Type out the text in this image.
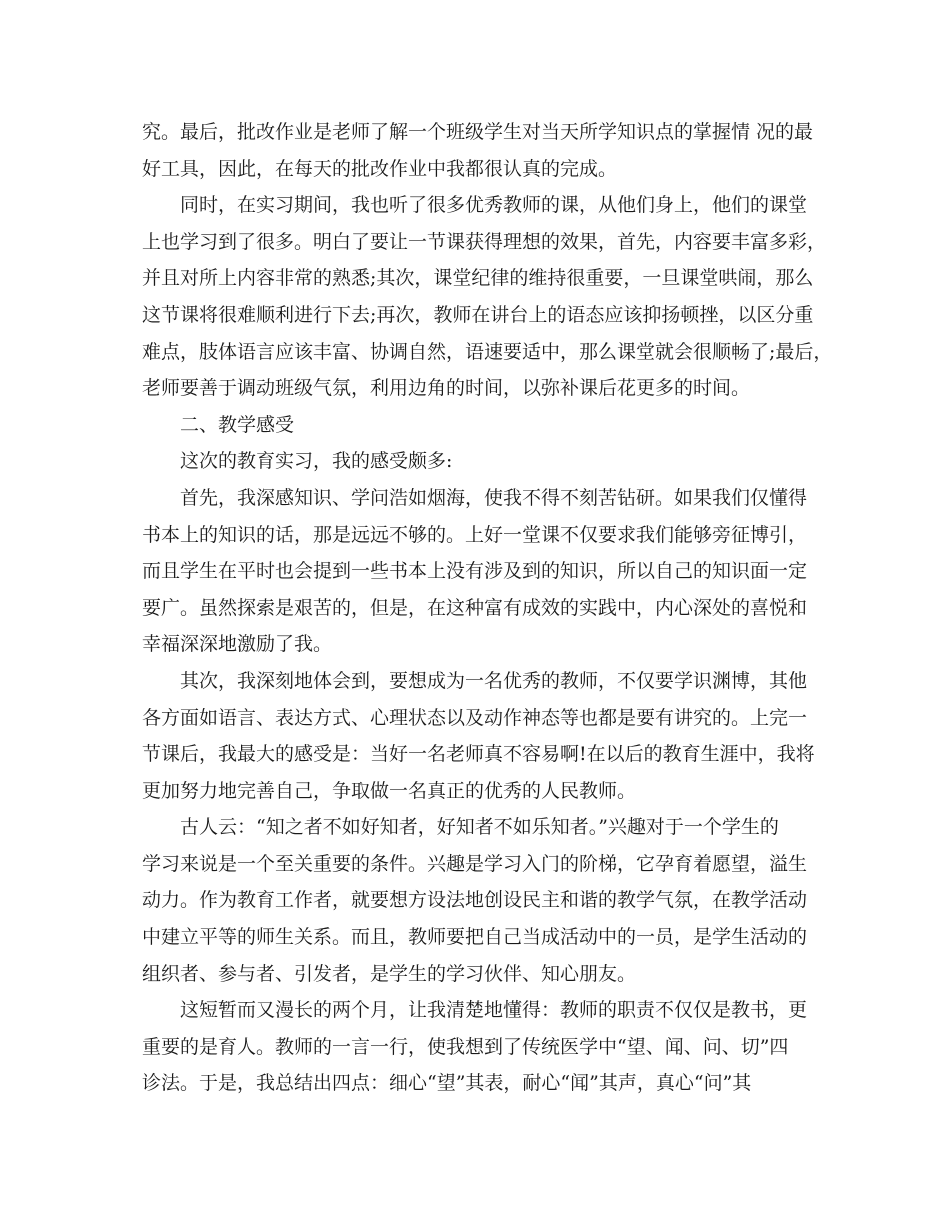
究。最后，批改作业是老师了解一个班级学生对当天所学知识点的掌握情 况的最
好工具，因此，在每天的批改作业中我都很认真的完成。
同时，在实习期间，我也听了很多优秀教师的课，从他们身上，他们的课堂
上也学习到了很多。明白了要让一节课获得理想的效果，首先，内容要丰富多彩，
并且对所上内容非常的熟悉;其次，课堂纪律的维持很重要，一旦课堂哄闹，那么
这节课将很难顺利进行下去;再次，教师在讲台上的语态应该抑扬顿挫，以区分重
难点，肢体语言应该丰富、协调自然，语速要适中，那么课堂就会很顺畅了;最后，
老师要善于调动班级气氛，利用边角的时间，以弥补课后花更多的时间。
二、教学感受
这次的教育实习，我的感受颇多:
首先，我深感知识、学问浩如烟海，使我不得不刻苦钻研。如果我们仅懂得
书本上的知识的话，那是远远不够的。上好一堂课不仅要求我们能够旁征博引，
而且学生在平时也会提到一些书本上没有涉及到的知识，所以自己的知识面一定
要广。虽然探索是艰苦的，但是，在这种富有成效的实践中，内心深处的喜悦和
幸福深深地激励了我。
其次，我深刻地体会到，要想成为一名优秀的教师，不仅要学识渊博，其他
各方面如语言、表达方式、心理状态以及动作神态等也都是要有讲究的。上完一
节课后，我最大的感受是：当好一名老师真不容易啊!在以后的教育生涯中，我将
更加努力地完善自己，争取做一名真正的优秀的人民教师。
古人云：“知之者不如好知者，好知者不如乐知者。”兴趣对于一个学生的
学习来说是一个至关重要的条件。兴趣是学习入门的阶梯，它孕育着愿望，溢生
动力。作为教育工作者，就要想方设法地创设民主和谐的教学气氛，在教学活动
中建立平等的师生关系。而且，教师要把自己当成活动中的一员，是学生活动的
组织者、参与者、引发者，是学生的学习伙伴、知心朋友。
这短暂而又漫长的两个月，让我清楚地懂得：教师的职责不仅仅是教书，更
重要的是育人。教师的一言一行，使我想到了传统医学中“望、闻、问、切”四
诊法。于是，我总结出四点：细心“望”其表，耐心“闻”其声，真心“问”其
